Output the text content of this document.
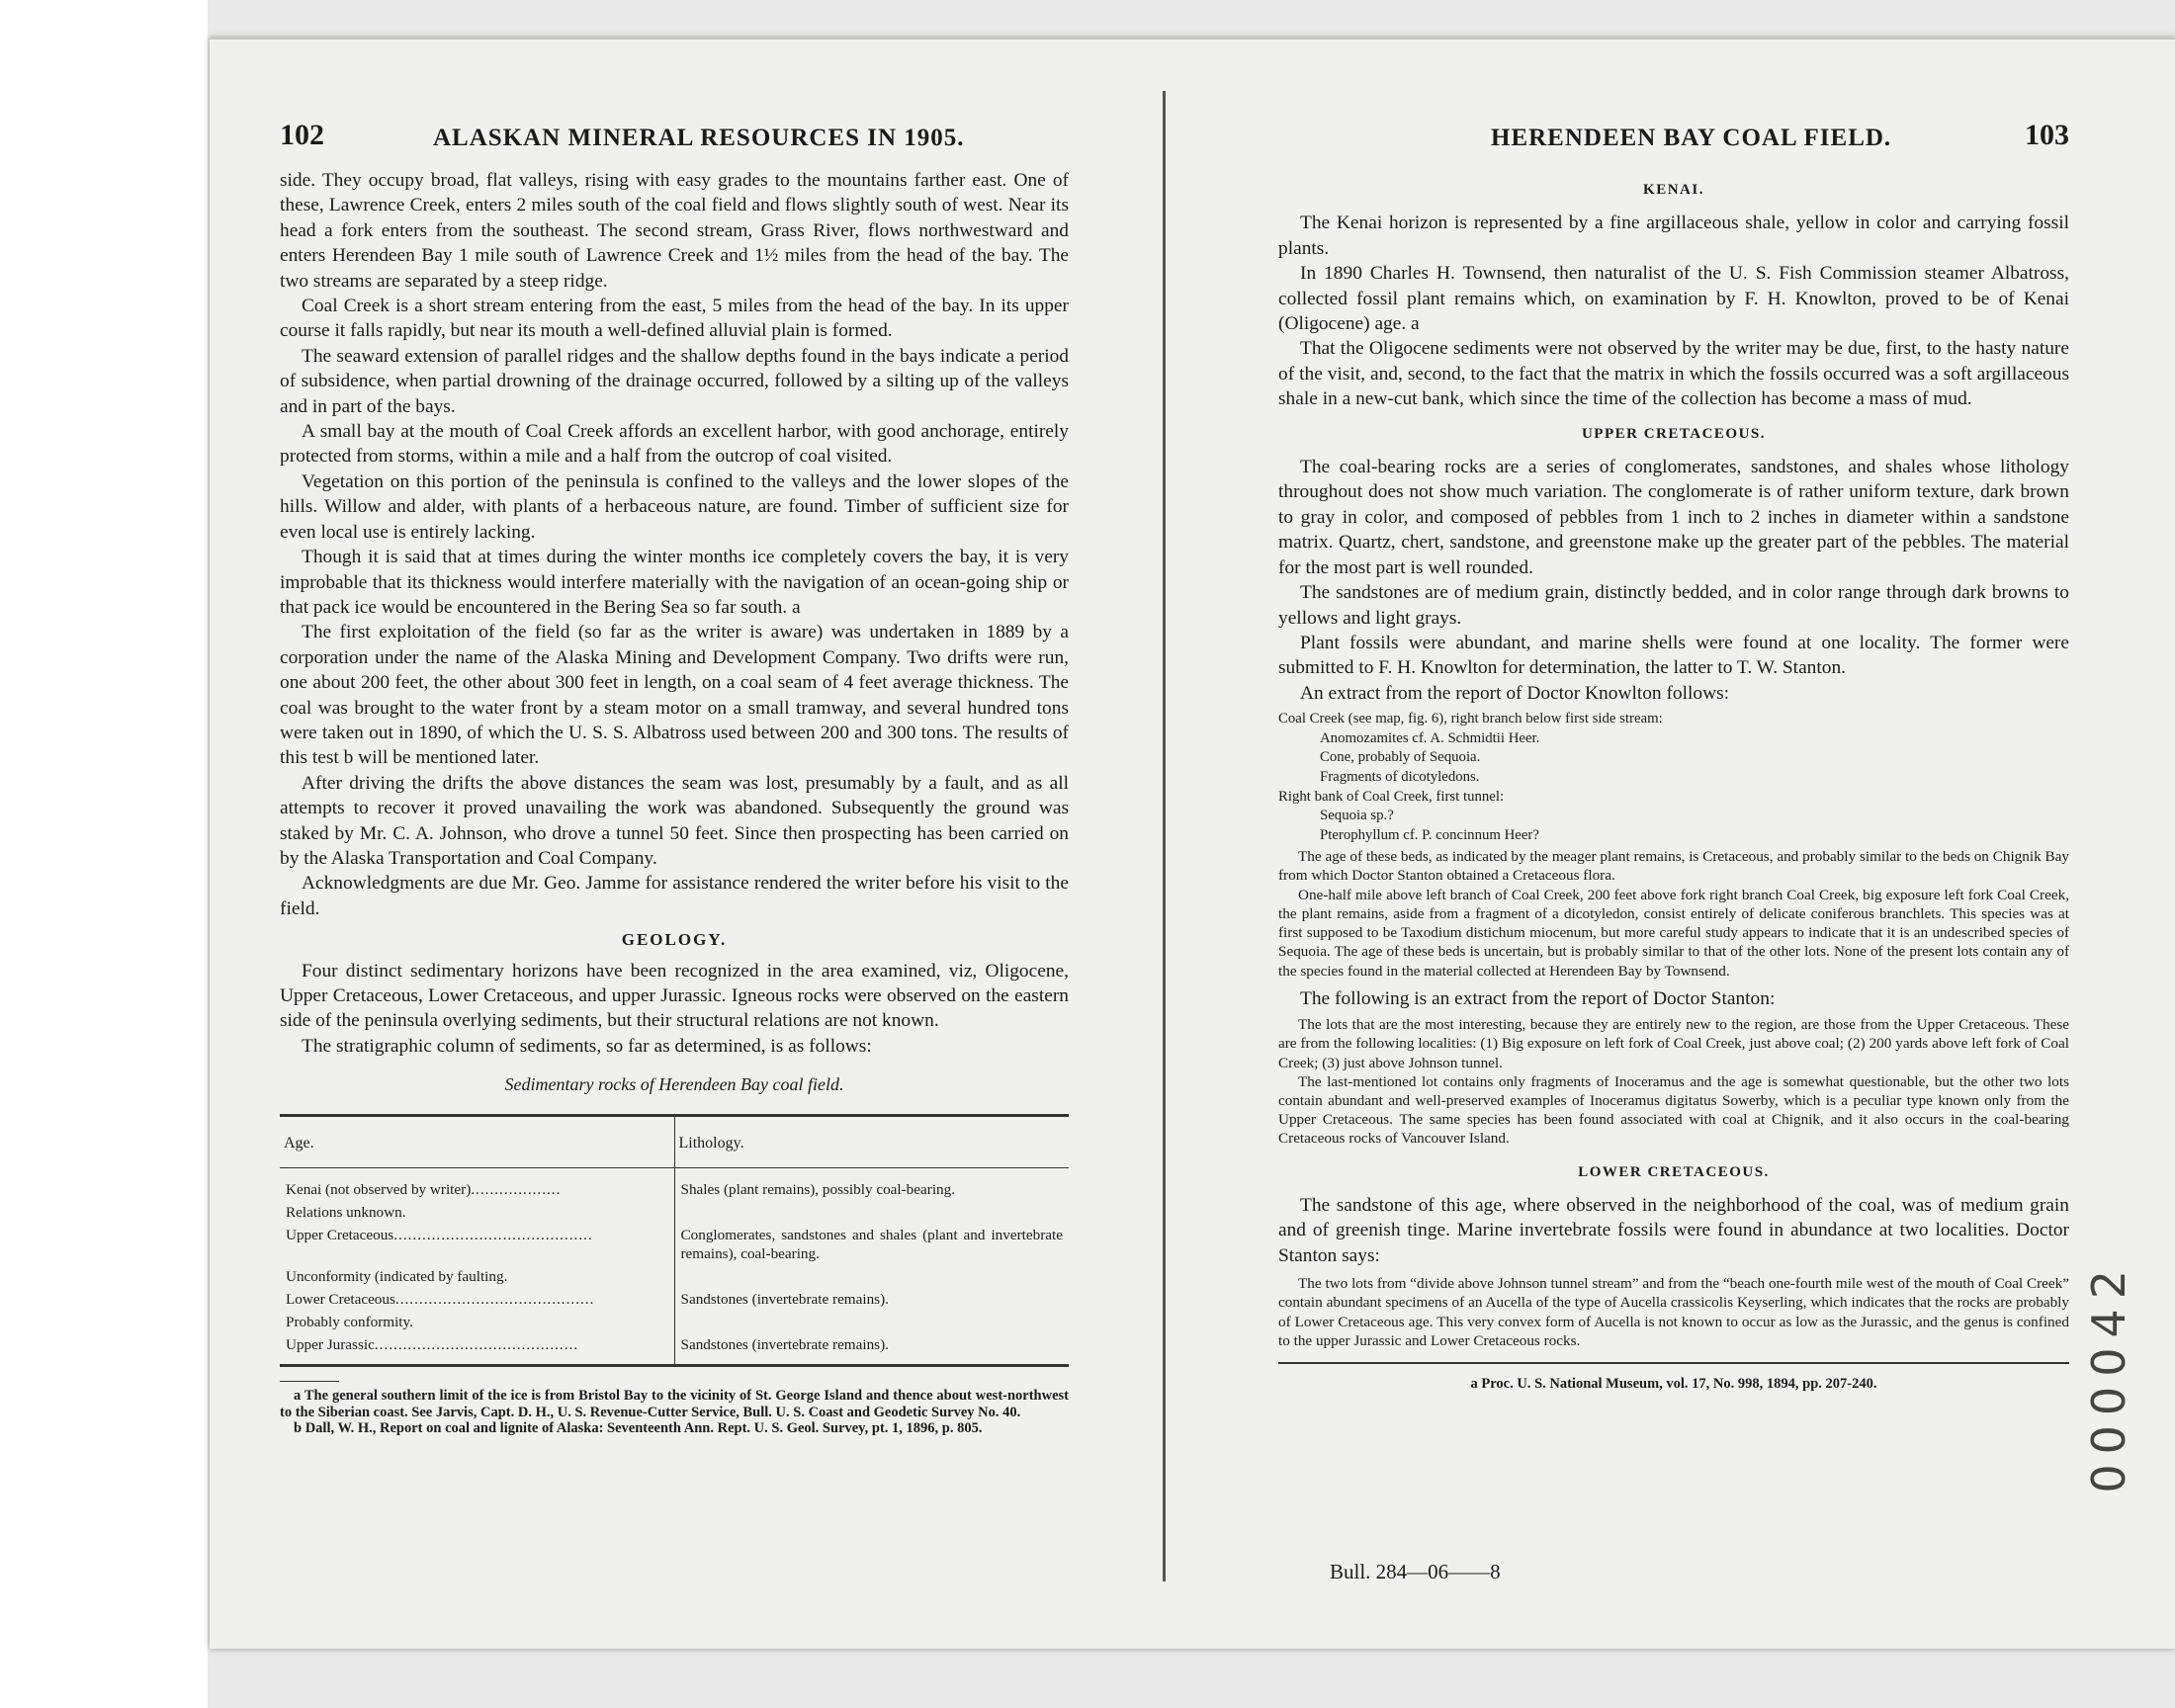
102	ALASKAN MINERAL RESOURCES IN 1905.

side. They occupy broad, flat valleys, rising with easy grades to the mountains farther east. One of these, Lawrence Creek, enters 2 miles south of the coal field and flows slightly south of west. Near its head a fork enters from the southeast. The second stream, Grass River, flows northwestward and enters Herendeen Bay 1 mile south of Lawrence Creek and 1½ miles from the head of the bay. The two streams are separated by a steep ridge.

Coal Creek is a short stream entering from the east, 5 miles from the head of the bay. In its upper course it falls rapidly, but near its mouth a well-defined alluvial plain is formed.

The seaward extension of parallel ridges and the shallow depths found in the bays indicate a period of subsidence, when partial drowning of the drainage occurred, followed by a silting up of the valleys and in part of the bays.

A small bay at the mouth of Coal Creek affords an excellent harbor, with good anchorage, entirely protected from storms, within a mile and a half from the outcrop of coal visited.

Vegetation on this portion of the peninsula is confined to the valleys and the lower slopes of the hills. Willow and alder, with plants of a herbaceous nature, are found. Timber of sufficient size for even local use is entirely lacking.

Though it is said that at times during the winter months ice completely covers the bay, it is very improbable that its thickness would interfere materially with the navigation of an ocean-going ship or that pack ice would be encountered in the Bering Sea so far south. a

The first exploitation of the field (so far as the writer is aware) was undertaken in 1889 by a corporation under the name of the Alaska Mining and Development Company. Two drifts were run, one about 200 feet, the other about 300 feet in length, on a coal seam of 4 feet average thickness. The coal was brought to the water front by a steam motor on a small tramway, and several hundred tons were taken out in 1890, of which the U. S. S. Albatross used between 200 and 300 tons. The results of this test b will be mentioned later.

After driving the drifts the above distances the seam was lost, presumably by a fault, and as all attempts to recover it proved unavailing the work was abandoned. Subsequently the ground was staked by Mr. C. A. Johnson, who drove a tunnel 50 feet. Since then prospecting has been carried on by the Alaska Transportation and Coal Company.

Acknowledgments are due Mr. Geo. Jamme for assistance rendered the writer before his visit to the field.

GEOLOGY.

Four distinct sedimentary horizons have been recognized in the area examined, viz, Oligocene, Upper Cretaceous, Lower Cretaceous, and upper Jurassic. Igneous rocks were observed on the eastern side of the peninsula overlying sediments, but their structural relations are not known.

The stratigraphic column of sediments, so far as determined, is as follows:

Sedimentary rocks of Herendeen Bay coal field.
Age.	Lithology.
Kenai (not observed by writer)...................	Shales (plant remains), possibly coal-bearing.
Relations unknown.	
Upper Cretaceous..........................................	Conglomerates, sandstones and shales (plant and invertebrate remains), coal-bearing.
Unconformity (indicated by faulting.	
Lower Cretaceous..........................................	Sandstones (invertebrate remains).
Probably conformity.	
Upper Jurassic...........................................	Sandstones (invertebrate remains).

a The general southern limit of the ice is from Bristol Bay to the vicinity of St. George Island and thence about west-northwest to the Siberian coast. See Jarvis, Capt. D. H., U. S. Revenue-Cutter Service, Bull. U. S. Coast and Geodetic Survey No. 40.

b Dall, W. H., Report on coal and lignite of Alaska: Seventeenth Ann. Rept. U. S. Geol. Survey, pt. 1, 1896, p. 805.

HERENDEEN BAY COAL FIELD.	103
KENAI.

The Kenai horizon is represented by a fine argillaceous shale, yellow in color and carrying fossil plants.

In 1890 Charles H. Townsend, then naturalist of the U. S. Fish Commission steamer Albatross, collected fossil plant remains which, on examination by F. H. Knowlton, proved to be of Kenai (Oligocene) age. a

That the Oligocene sediments were not observed by the writer may be due, first, to the hasty nature of the visit, and, second, to the fact that the matrix in which the fossils occurred was a soft argillaceous shale in a new-cut bank, which since the time of the collection has become a mass of mud.

UPPER CRETACEOUS.

The coal-bearing rocks are a series of conglomerates, sandstones, and shales whose lithology throughout does not show much variation. The conglomerate is of rather uniform texture, dark brown to gray in color, and composed of pebbles from 1 inch to 2 inches in diameter within a sandstone matrix. Quartz, chert, sandstone, and greenstone make up the greater part of the pebbles. The material for the most part is well rounded.

The sandstones are of medium grain, distinctly bedded, and in color range through dark browns to yellows and light grays.

Plant fossils were abundant, and marine shells were found at one locality. The former were submitted to F. H. Knowlton for determination, the latter to T. W. Stanton.

An extract from the report of Doctor Knowlton follows:

Coal Creek (see map, fig. 6), right branch below first side stream:
Anomozamites cf. A. Schmidtii Heer.
Cone, probably of Sequoia.
Fragments of dicotyledons.
Right bank of Coal Creek, first tunnel:
Sequoia sp.?
Pterophyllum cf. P. concinnum Heer?

The age of these beds, as indicated by the meager plant remains, is Cretaceous, and probably similar to the beds on Chignik Bay from which Doctor Stanton obtained a Cretaceous flora.

One-half mile above left branch of Coal Creek, 200 feet above fork right branch Coal Creek, big exposure left fork Coal Creek, the plant remains, aside from a fragment of a dicotyledon, consist entirely of delicate coniferous branchlets. This species was at first supposed to be Taxodium distichum miocenum, but more careful study appears to indicate that it is an undescribed species of Sequoia. The age of these beds is uncertain, but is probably similar to that of the other lots. None of the present lots contain any of the species found in the material collected at Herendeen Bay by Townsend.

The following is an extract from the report of Doctor Stanton:

The lots that are the most interesting, because they are entirely new to the region, are those from the Upper Cretaceous. These are from the following localities: (1) Big exposure on left fork of Coal Creek, just above coal; (2) 200 yards above left fork of Coal Creek; (3) just above Johnson tunnel.

The last-mentioned lot contains only fragments of Inoceramus and the age is somewhat questionable, but the other two lots contain abundant and well-preserved examples of Inoceramus digitatus Sowerby, which is a peculiar type known only from the Upper Cretaceous. The same species has been found associated with coal at Chignik, and it also occurs in the coal-bearing Cretaceous rocks of Vancouver Island.

LOWER CRETACEOUS.

The sandstone of this age, where observed in the neighborhood of the coal, was of medium grain and of greenish tinge. Marine invertebrate fossils were found in abundance at two localities. Doctor Stanton says:

The two lots from “divide above Johnson tunnel stream” and from the “beach one-fourth mile west of the mouth of Coal Creek” contain abundant specimens of an Aucella of the type of Aucella crassicolis Keyserling, which indicates that the rocks are probably of Lower Cretaceous age. This very convex form of Aucella is not known to occur as low as the Jurassic, and the genus is confined to the upper Jurassic and Lower Cretaceous rocks.

a Proc. U. S. National Museum, vol. 17, No. 998, 1894, pp. 207-240.
Bull. 284—06——8
000042
